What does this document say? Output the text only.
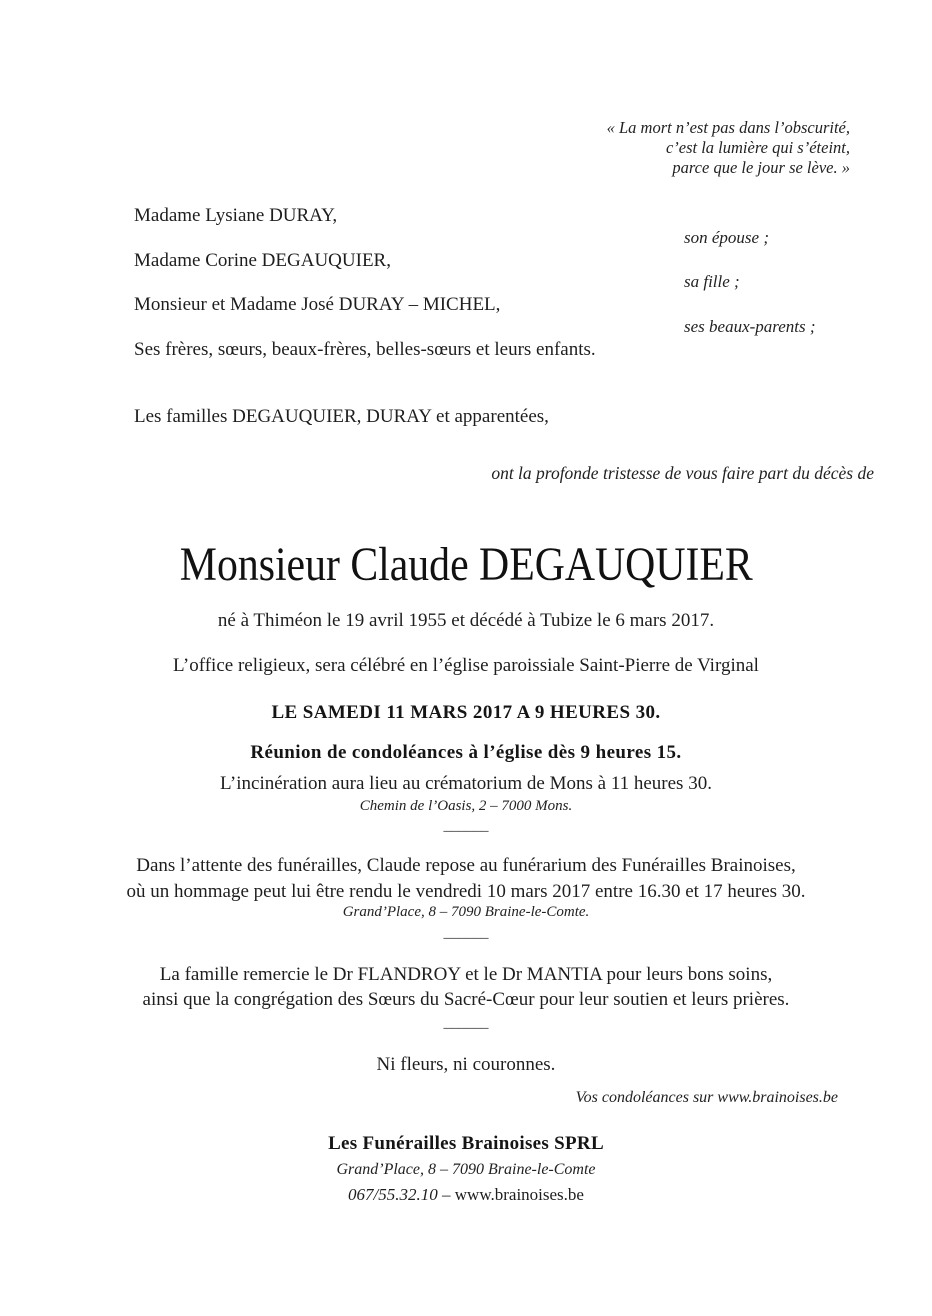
« La mort n’est pas dans l’obscurité,
c’est la lumière qui s’éteint,
parce que le jour se lève. »
Madame Lysiane DURAY,
son épouse ;
Madame Corine DEGAUQUIER,
sa fille ;
Monsieur et Madame José DURAY – MICHEL,
ses beaux-parents ;
Ses frères, sœurs, beaux-frères, belles-sœurs et leurs enfants.
Les familles DEGAUQUIER, DURAY et apparentées,
ont la profonde tristesse de vous faire part du décès de
Monsieur Claude DEGAUQUIER
né à Thiméon le 19 avril 1955 et décédé à Tubize le 6 mars 2017.
L’office religieux, sera célébré en l’église paroissiale Saint-Pierre de Virginal
LE SAMEDI 11 MARS 2017 A 9 HEURES 30.
Réunion de condoléances à l’église dès 9 heures 15.
L’incinération aura lieu au crématorium de Mons à 11 heures 30.
Chemin de l’Oasis, 2 – 7000 Mons.
––––––
Dans l’attente des funérailles, Claude repose au funérarium des Funérailles Brainoises,
où un hommage peut lui être rendu le vendredi 10 mars 2017 entre 16.30 et 17 heures 30.
Grand’Place, 8 – 7090 Braine-le-Comte.
––––––
La famille remercie le Dr FLANDROY et le Dr MANTIA pour leurs bons soins,
ainsi que la congrégation des Sœurs du Sacré-Cœur pour leur soutien et leurs prières.
––––––
Ni fleurs, ni couronnes.
Vos condoléances sur www.brainoises.be
Les Funérailles Brainoises SPRL
Grand’Place, 8 – 7090 Braine-le-Comte
067/55.32.10 – www.brainoises.be
